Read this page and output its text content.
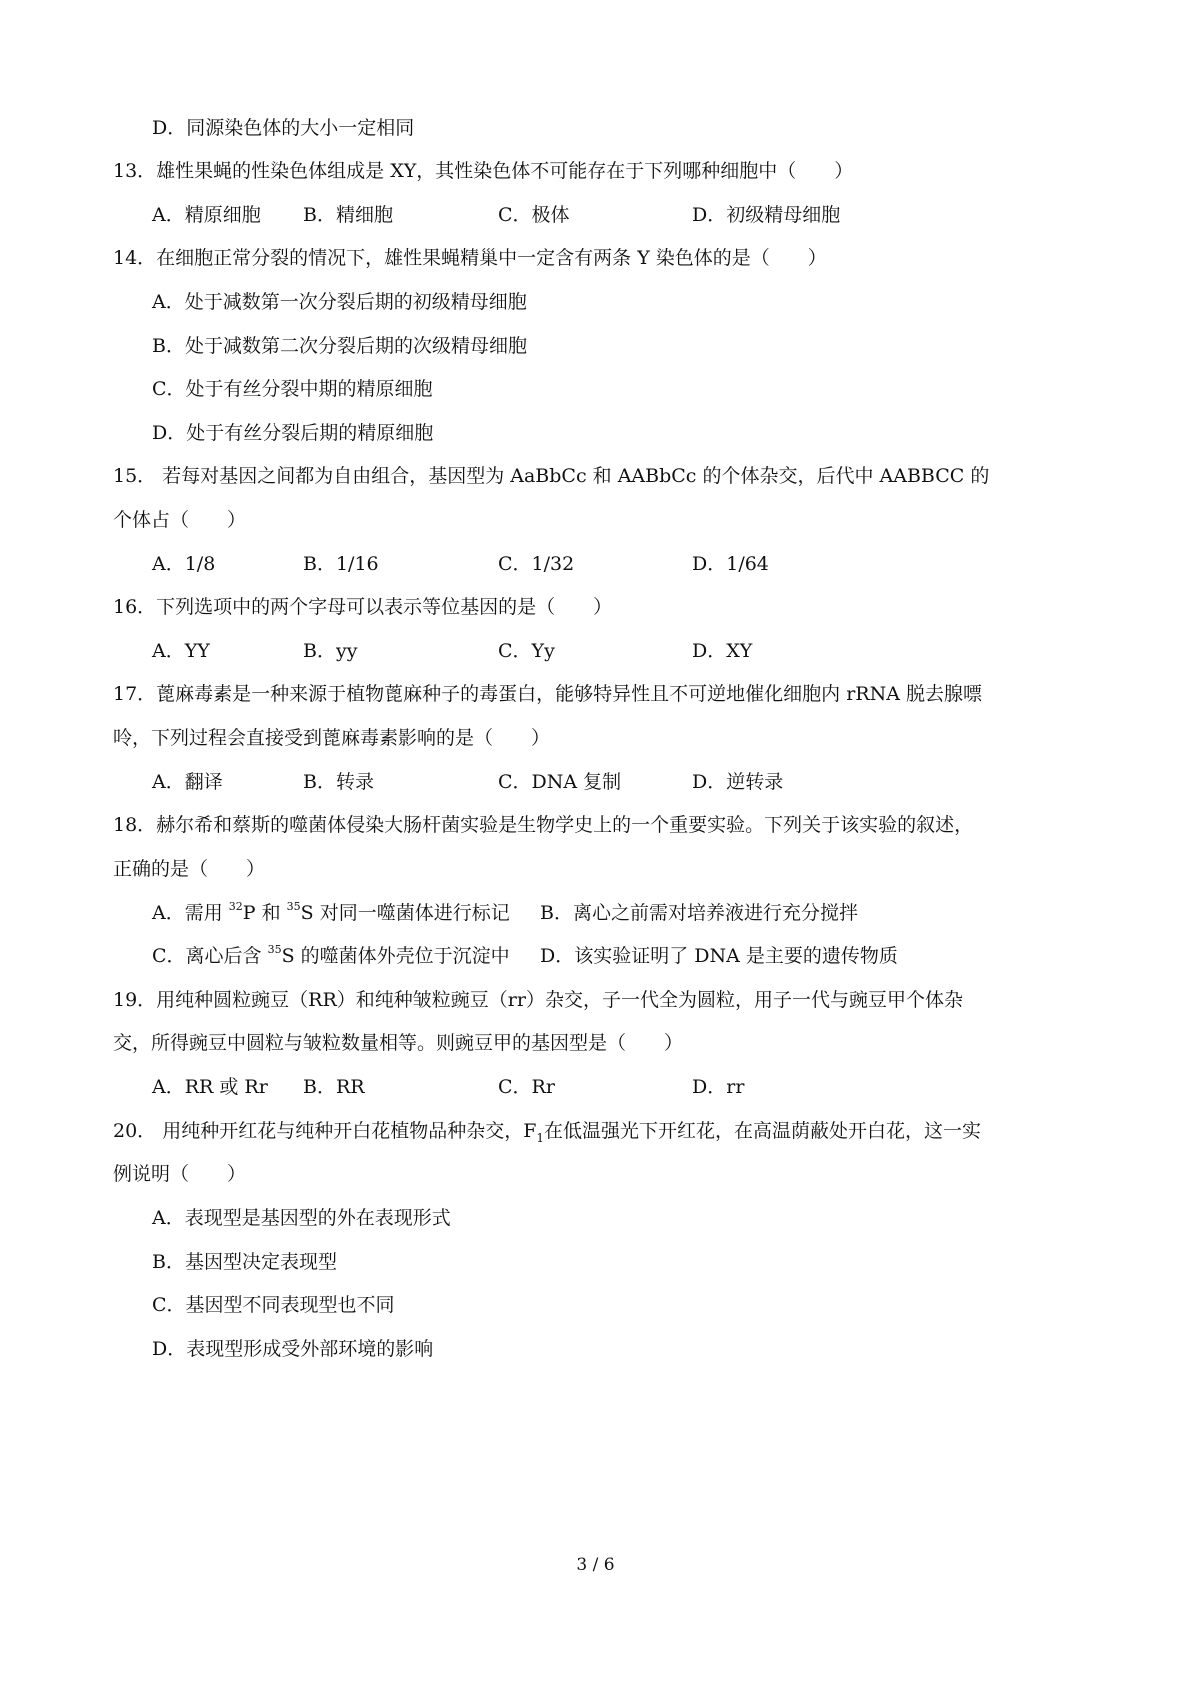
D．同源染色体的大小一定相同
13．雄性果蝇的性染色体组成是 XY，其性染色体不可能存在于下列哪种细胞中（　　）
A．精原细胞 B．精细胞	C．极体	D．初级精母细胞
14．在细胞正常分裂的情况下，雄性果蝇精巢中一定含有两条 Y 染色体的是（　　）
A．处于减数第一次分裂后期的初级精母细胞
B．处于减数第二次分裂后期的次级精母细胞
C．处于有丝分裂中期的精原细胞
D．处于有丝分裂后期的精原细胞
15． 若每对基因之间都为自由组合，基因型为 AaBbCc 和 AABbCc 的个体杂交，后代中 AABBCC 的
个体占（　　）
A．1/8	B．1/16	C．1/32	D．1/64
16．下列选项中的两个字母可以表示等位基因的是（　　）
A．YY	B．yy	C．Yy	D．XY
17．蓖麻毒素是一种来源于植物蓖麻种子的毒蛋白，能够特异性且不可逆地催化细胞内 rRNA 脱去腺嘌
呤，下列过程会直接受到蓖麻毒素影响的是（　　）
A．翻译	B．转录	C．DNA 复制	D．逆转录
18．赫尔希和蔡斯的噬菌体侵染大肠杆菌实验是生物学史上的一个重要实验。下列关于该实验的叙述，
正确的是（　　）
A．需用 $^{32}$P 和 $^{35}$S 对同一噬菌体进行标记 B．离心之前需对培养液进行充分搅拌
C．离心后含 $^{35}$S 的噬菌体外壳位于沉淀中 D．该实验证明了 DNA 是主要的遗传物质
19．用纯种圆粒豌豆（RR）和纯种皱粒豌豆（rr）杂交，子一代全为圆粒，用子一代与豌豆甲个体杂
交，所得豌豆中圆粒与皱粒数量相等。则豌豆甲的基因型是（　　）
A．RR 或 Rr B．RR	C．Rr	D．rr
20． 用纯种开红花与纯种开白花植物品种杂交，$F_1$在低温强光下开红花，在高温荫蔽处开白花，这一实
例说明（　　）
A．表现型是基因型的外在表现形式
B．基因型决定表现型
C．基因型不同表现型也不同
D．表现型形成受外部环境的影响
3 / 6
